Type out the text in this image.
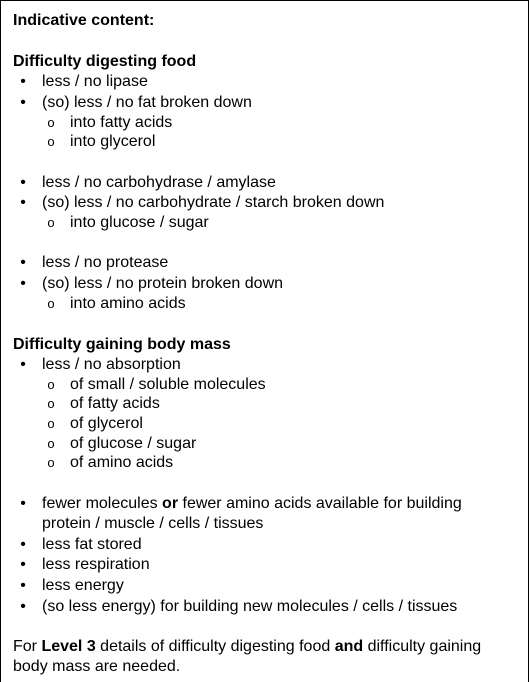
Indicative content:
Difficulty digesting food
•	less / no lipase
•	(so) less / no fat broken down
o into fatty acids
o into glycerol
•	less / no carbohydrase / amylase
•	(so) less / no carbohydrate / starch broken down
o into glucose / sugar
•	less / no protease
•	(so) less / no protein broken down
o into amino acids
Difficulty gaining body mass
•	less / no absorption
o of small / soluble molecules
o of fatty acids
o of glycerol
o of glucose / sugar
o of amino acids
•	fewer molecules or fewer amino acids available for building
protein / muscle / cells / tissues
•	less fat stored
•	less respiration
•	less energy
•	(so less energy) for building new molecules / cells / tissues
For Level 3 details of difficulty digesting food and difficulty gaining
body mass are needed.
